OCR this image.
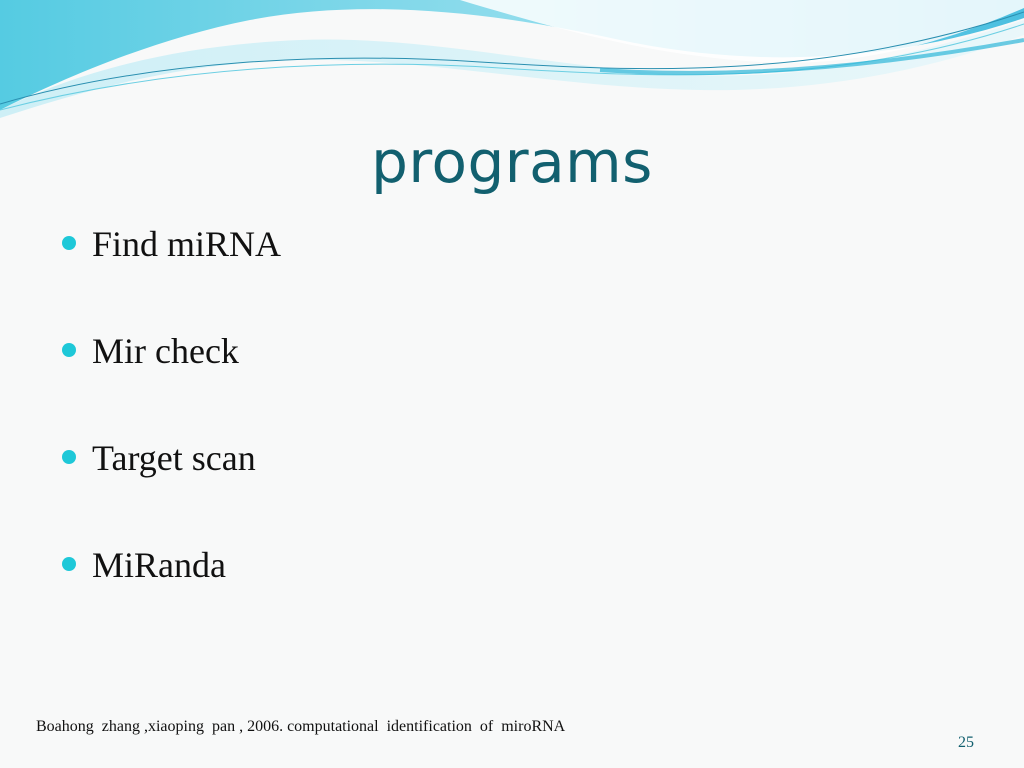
programs
Find miRNA
Mir check
Target scan
MiRanda
Boahong  zhang ,xiaoping  pan , 2006. computational  identification  of  miroRNA
25
